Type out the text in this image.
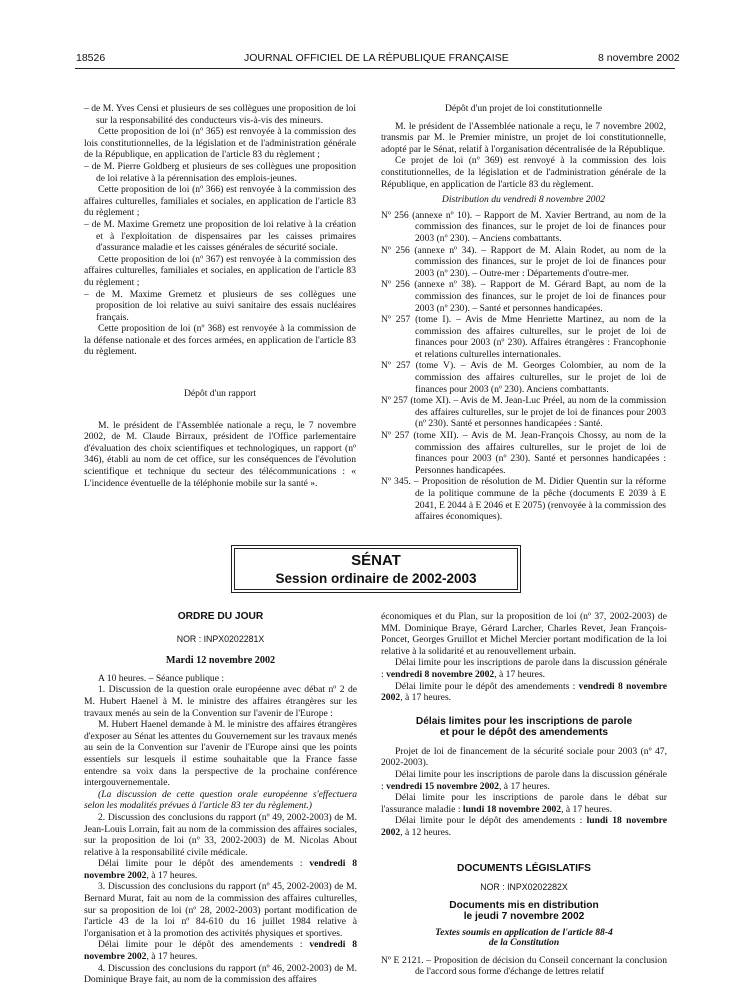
18526	JOURNAL OFFICIEL DE LA RÉPUBLIQUE FRANÇAISE	8 novembre 2002

– de M. Yves Censi et plusieurs de ses collègues une proposition de loi sur la responsabilité des conducteurs vis-à-vis des mineurs.

Cette proposition de loi (nº 365) est renvoyée à la commission des lois constitutionnelles, de la législation et de l'administration générale de la République, en application de l'article 83 du règlement ;

– de M. Pierre Goldberg et plusieurs de ses collègues une proposition de loi relative à la pérennisation des emplois-jeunes.

Cette proposition de loi (nº 366) est renvoyée à la commission des affaires culturelles, familiales et sociales, en application de l'article 83 du règlement ;

– de M. Maxime Gremetz une proposition de loi relative à la création et à l'exploitation de dispensaires par les caisses primaires d'assurance maladie et les caisses générales de sécurité sociale.

Cette proposition de loi (nº 367) est renvoyée à la commission des affaires culturelles, familiales et sociales, en application de l'article 83 du règlement ;

– de M. Maxime Gremetz et plusieurs de ses collègues une proposition de loi relative au suivi sanitaire des essais nucléaires français.

Cette proposition de loi (nº 368) est renvoyée à la commission de la défense nationale et des forces armées, en application de l'article 83 du règlement.

Dépôt d'un rapport

M. le président de l'Assemblée nationale a reçu, le 7 novembre 2002, de M. Claude Birraux, président de l'Office parlementaire d'évaluation des choix scientifiques et technologiques, un rapport (nº 346), établi au nom de cet office, sur les conséquences de l'évolution scientifique et technique du secteur des télécommunications : « L'incidence éventuelle de la téléphonie mobile sur la santé ».

Dépôt d'un projet de loi constitutionnelle

M. le président de l'Assemblée nationale a reçu, le 7 novembre 2002, transmis par M. le Premier ministre, un projet de loi constitutionnelle, adopté par le Sénat, relatif à l'organisation décentralisée de la République.

Ce projet de loi (nº 369) est renvoyé à la commission des lois constitutionnelles, de la législation et de l'administration générale de la République, en application de l'article 83 du règlement.

Distribution du vendredi 8 novembre 2002

Nº 256 (annexe nº 10). – Rapport de M. Xavier Bertrand, au nom de la commission des finances, sur le projet de loi de finances pour 2003 (nº 230). – Anciens combattants.

Nº 256 (annexe nº 34). – Rapport de M. Alain Rodet, au nom de la commission des finances, sur le projet de loi de finances pour 2003 (nº 230). – Outre-mer : Départements d'outre-mer.

Nº 256 (annexe nº 38). – Rapport de M. Gérard Bapt, au nom de la commission des finances, sur le projet de loi de finances pour 2003 (nº 230). – Santé et personnes handicapées.

Nº 257 (tome I). – Avis de Mme Henriette Martinez, au nom de la commission des affaires culturelles, sur le projet de loi de finances pour 2003 (nº 230). Affaires étrangères : Francophonie et relations culturelles internationales.

Nº 257 (tome V). – Avis de M. Georges Colombier, au nom de la commission des affaires culturelles, sur le projet de loi de finances pour 2003 (nº 230). Anciens combattants.

Nº 257 (tome XI). – Avis de M. Jean-Luc Préel, au nom de la commission des affaires culturelles, sur le projet de loi de finances pour 2003 (nº 230). Santé et personnes handicapées : Santé.

Nº 257 (tome XII). – Avis de M. Jean-François Chossy, au nom de la commission des affaires culturelles, sur le projet de loi de finances pour 2003 (nº 230). Santé et personnes handicapées : Personnes handicapées.

Nº 345. – Proposition de résolution de M. Didier Quentin sur la réforme de la politique commune de la pêche (documents E 2039 à E 2041, E 2044 à E 2046 et E 2075) (renvoyée à la commission des affaires économiques).

SÉNAT
Session ordinaire de 2002-2003

ORDRE DU JOUR

NOR : INPX0202281X

Mardi 12 novembre 2002

A 10 heures. – Séance publique :

1. Discussion de la question orale européenne avec débat nº 2 de M. Hubert Haenel à M. le ministre des affaires étrangères sur les travaux menés au sein de la Convention sur l'avenir de l'Europe :

M. Hubert Haenel demande à M. le ministre des affaires étrangères d'exposer au Sénat les attentes du Gouvernement sur les travaux menés au sein de la Convention sur l'avenir de l'Europe ainsi que les points essentiels sur lesquels il estime souhaitable que la France fasse entendre sa voix dans la perspective de la prochaine conférence intergouvernementale.

(La discussion de cette question orale européenne s'effectuera selon les modalités prévues à l'article 83 ter du règlement.)

2. Discussion des conclusions du rapport (nº 49, 2002-2003) de M. Jean-Louis Lorrain, fait au nom de la commission des affaires sociales, sur la proposition de loi (nº 33, 2002-2003) de M. Nicolas About relative à la responsabilité civile médicale.

Délai limite pour le dépôt des amendements : vendredi 8 novembre 2002, à 17 heures.

3. Discussion des conclusions du rapport (nº 45, 2002-2003) de M. Bernard Murat, fait au nom de la commission des affaires culturelles, sur sa proposition de loi (nº 28, 2002-2003) portant modification de l'article 43 de la loi nº 84-610 du 16 juillet 1984 relative à l'organisation et à la promotion des activités physiques et sportives.

Délai limite pour le dépôt des amendements : vendredi 8 novembre 2002, à 17 heures.

4. Discussion des conclusions du rapport (nº 46, 2002-2003) de M. Dominique Braye fait, au nom de la commission des affaires

économiques et du Plan, sur la proposition de loi (nº 37, 2002-2003) de MM. Dominique Braye, Gérard Larcher, Charles Revet, Jean François-Poncet, Georges Gruillot et Michel Mercier portant modification de la loi relative à la solidarité et au renouvellement urbain.

Délai limite pour les inscriptions de parole dans la discussion générale : vendredi 8 novembre 2002, à 17 heures.

Délai limite pour le dépôt des amendements : vendredi 8 novembre 2002, à 17 heures.

Délais limites pour les inscriptions de parole
et pour le dépôt des amendements

Projet de loi de financement de la sécurité sociale pour 2003 (nº 47, 2002-2003).

Délai limite pour les inscriptions de parole dans la discussion générale : vendredi 15 novembre 2002, à 17 heures.

Délai limite pour les inscriptions de parole dans le débat sur l'assurance maladie : lundi 18 novembre 2002, à 17 heures.

Délai limite pour le dépôt des amendements : lundi 18 novembre 2002, à 12 heures.

DOCUMENTS LÉGISLATIFS

NOR : INPX0202282X

Documents mis en distribution
le jeudi 7 novembre 2002

Textes soumis en application de l'article 88-4
de la Constitution

Nº E 2121. – Proposition de décision du Conseil concernant la conclusion de l'accord sous forme d'échange de lettres relatif
